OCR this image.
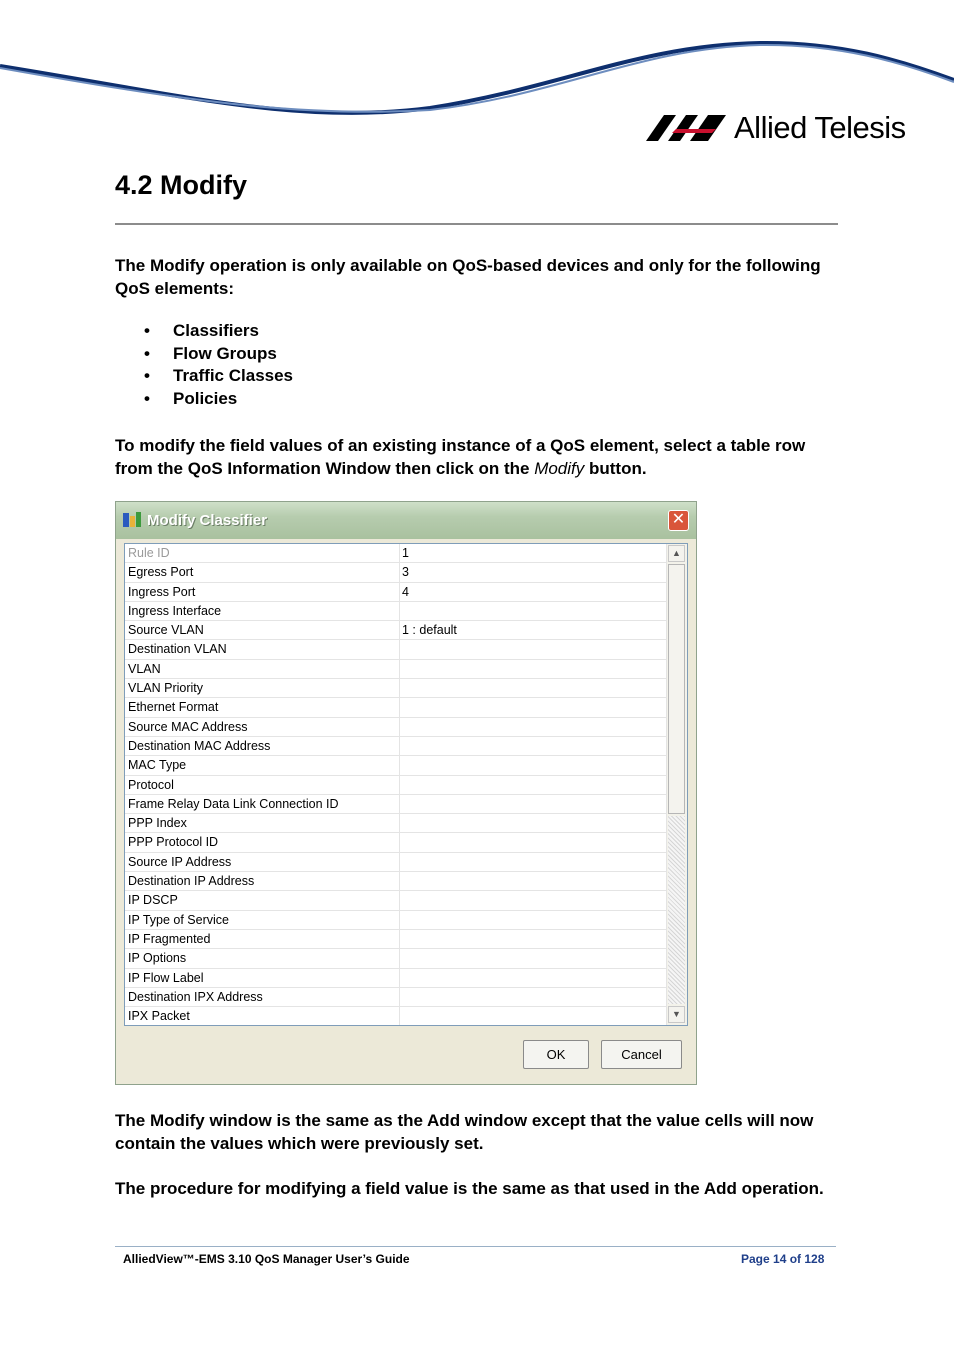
Allied Telesis
4.2 Modify

The Modify operation is only available on QoS-based devices and only for the following QoS elements:

• Classifiers
• Flow Groups
• Traffic Classes
• Policies

To modify the field values of an existing instance of a QoS element, select a table row from the QoS Information Window then click on the Modify button.

Modify Classifier	✕
Rule ID	1
Egress Port	3
Ingress Port	4
Ingress Interface
Source VLAN	1 : default
Destination VLAN
VLAN
VLAN Priority
Ethernet Format
Source MAC Address
Destination MAC Address
MAC Type
Protocol
Frame Relay Data Link Connection ID
PPP Index
PPP Protocol ID
Source IP Address
Destination IP Address
IP DSCP
IP Type of Service
IP Fragmented
IP Options
IP Flow Label
Destination IPX Address
IPX Packet
▲
▼
OK	Cancel

The Modify window is the same as the Add window except that the value cells will now contain the values which were previously set.

The procedure for modifying a field value is the same as that used in the Add operation.

AlliedView™-EMS 3.10 QoS Manager User’s Guide	Page 14 of 128
